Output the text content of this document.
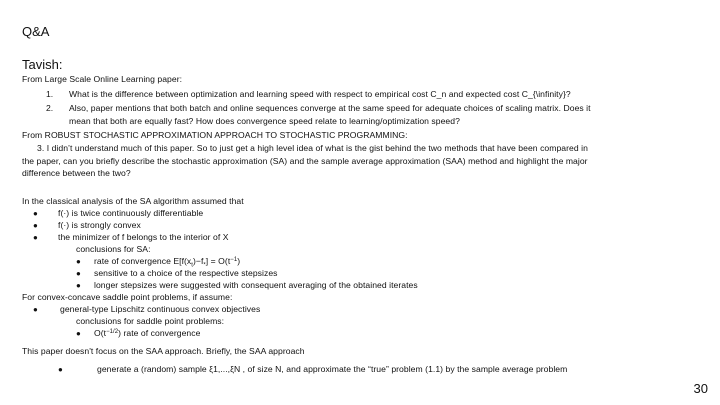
Q&A
Tavish:
From Large Scale Online Learning paper:
1. What is the difference between optimization and learning speed with respect to empirical cost C_n and expected cost C_{\infinity}?
2. Also, paper mentions that both batch and online sequences converge at the same speed for adequate choices of scaling matrix. Does it
mean that both are equally fast? How does convergence speed relate to learning/optimization speed?
From ROBUST STOCHASTIC APPROXIMATION APPROACH TO STOCHASTIC PROGRAMMING:
3. I didn’t understand much of this paper. So to just get a high level idea of what is the gist behind the two methods that have been compared in
the paper, can you briefly describe the stochastic approximation (SA) and the sample average approximation (SAA) method and highlight the major
difference between the two?
In the classical analysis of the SA algorithm assumed that
● f(·) is twice continuously differentiable
● f(·) is strongly convex
● the minimizer of f belongs to the interior of X
conclusions for SA:
● rate of convergence $E[f(x_t)-f_*] = O(t^{-1})$
● sensitive to a choice of the respective stepsizes
● longer stepsizes were suggested with consequent averaging of the obtained iterates
For convex-concave saddle point problems, if assume:
●	general-type Lipschitz continuous convex objectives
conclusions for saddle point problems:
● $O(t^{-1/2})$ rate of convergence
This paper doesn't focus on the SAA approach. Briefly, the SAA approach
●	generate a (random) sample ξ1,...,ξN , of size N, and approximate the “true” problem (1.1) by the sample average problem
30
